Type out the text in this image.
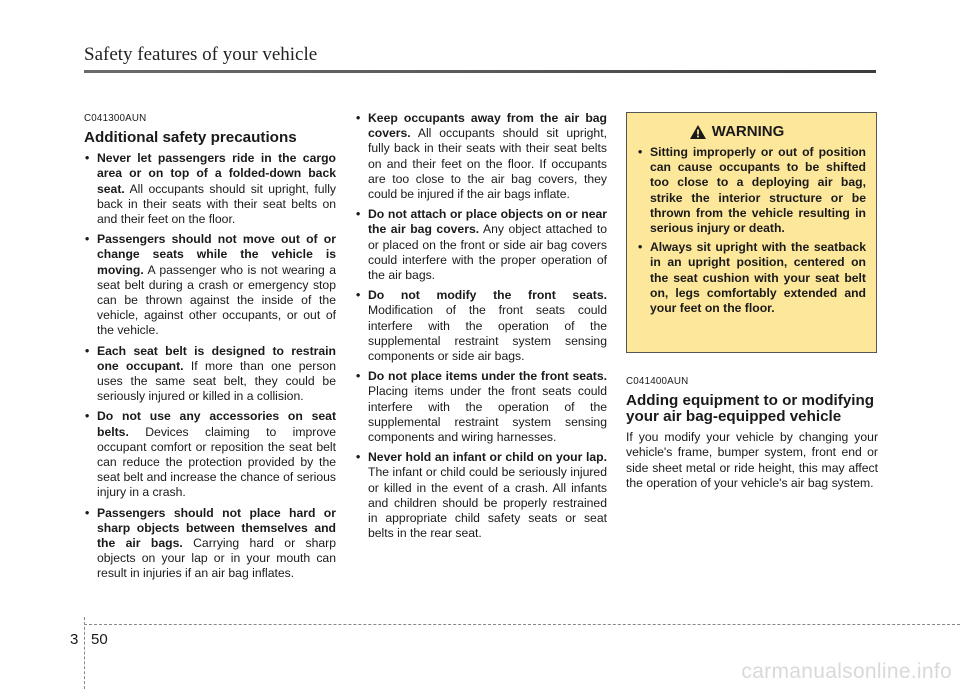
Safety features of your vehicle
C041300AUN
Additional safety precautions
• Never let passengers ride in the cargo area or on top of a folded-down back seat. All occupants should sit upright, fully back in their seats with their seat belts on and their feet on the floor.
• Passengers should not move out of or change seats while the vehicle is moving. A passenger who is not wearing a seat belt during a crash or emergency stop can be thrown against the inside of the vehicle, against other occupants, or out of the vehicle.
• Each seat belt is designed to restrain one occupant. If more than one person uses the same seat belt, they could be seriously injured or killed in a collision.
• Do not use any accessories on seat belts. Devices claiming to improve occupant comfort or reposition the seat belt can reduce the protection provided by the seat belt and increase the chance of serious injury in a crash.
• Passengers should not place hard or sharp objects between themselves and the air bags. Carrying hard or sharp objects on your lap or in your mouth can result in injuries if an air bag inflates.
• Keep occupants away from the air bag covers. All occupants should sit upright, fully back in their seats with their seat belts on and their feet on the floor. If occupants are too close to the air bag covers, they could be injured if the air bags inflate.
• Do not attach or place objects on or near the air bag covers. Any object attached to or placed on the front or side air bag covers could interfere with the proper operation of the air bags.
• Do not modify the front seats. Modification of the front seats could interfere with the operation of the supplemental restraint system sensing components or side air bags.
• Do not place items under the front seats. Placing items under the front seats could interfere with the operation of the supplemental restraint system sensing components and wiring harnesses.
• Never hold an infant or child on your lap. The infant or child could be seriously injured or killed in the event of a crash. All infants and children should be properly restrained in appropriate child safety seats or seat belts in the rear seat.
WARNING
• Sitting improperly or out of position can cause occupants to be shifted too close to a deploying air bag, strike the interior structure or be thrown from the vehicle resulting in serious injury or death.
• Always sit upright with the seatback in an upright position, centered on the seat cushion with your seat belt on, legs comfortably extended and your feet on the floor.
C041400AUN
Adding equipment to or modifying your air bag-equipped vehicle

If you modify your vehicle by changing your vehicle's frame, bumper system, front end or side sheet metal or ride height, this may affect the operation of your vehicle's air bag system.

3 50
carmanualsonline.info
